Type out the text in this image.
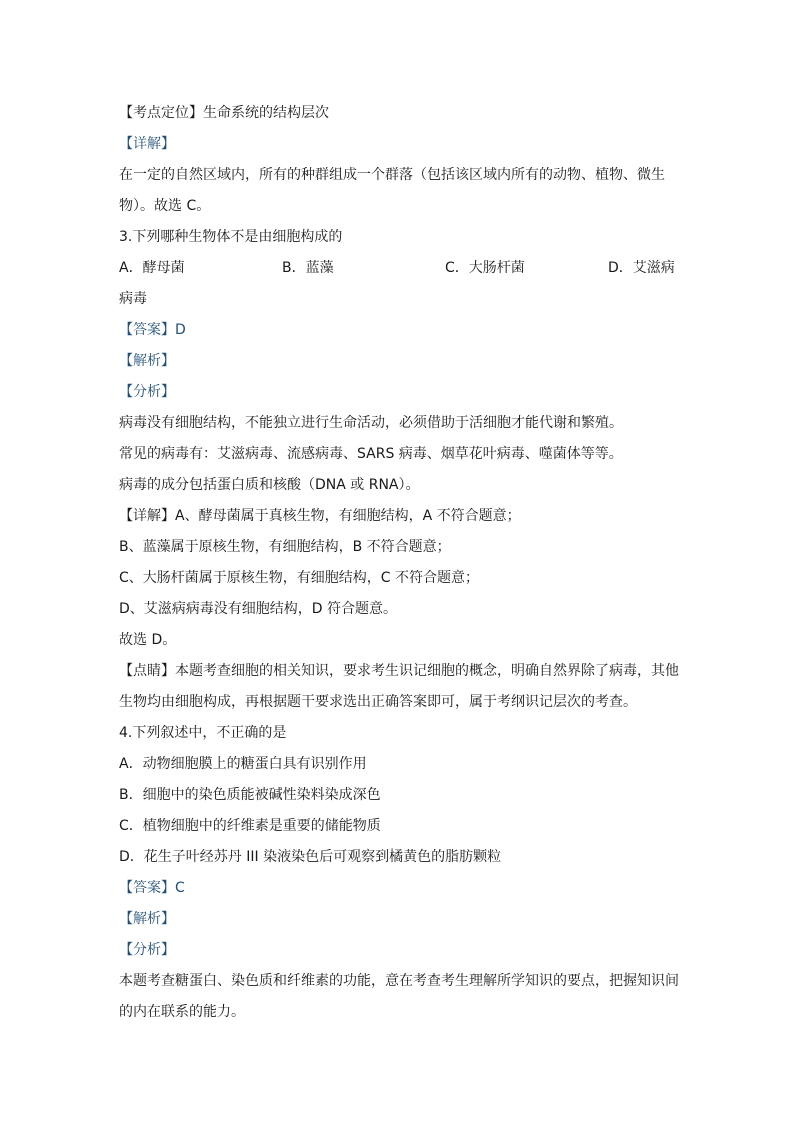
【考点定位】生命系统的结构层次
【详解】
在一定的自然区域内，所有的种群组成一个群落（包括该区域内所有的动物、植物、微生
物）。故选 C。
3.下列哪种生物体不是由细胞构成的
A．酵母菌	B．蓝藻	C．大肠杆菌	D．艾滋病
病毒
【答案】D
【解析】
【分析】
病毒没有细胞结构，不能独立进行生命活动，必须借助于活细胞才能代谢和繁殖。
常见的病毒有：艾滋病毒、流感病毒、SARS 病毒、烟草花叶病毒、噬菌体等等。
病毒的成分包括蛋白质和核酸（DNA 或 RNA）。
【详解】A、酵母菌属于真核生物，有细胞结构，A 不符合题意；
B、蓝藻属于原核生物，有细胞结构，B 不符合题意；
C、大肠杆菌属于原核生物，有细胞结构，C 不符合题意；
D、艾滋病病毒没有细胞结构，D 符合题意。
故选 D。
【点睛】本题考查细胞的相关知识，要求考生识记细胞的概念，明确自然界除了病毒，其他
生物均由细胞构成，再根据题干要求选出正确答案即可，属于考纲识记层次的考查。
4.下列叙述中，不正确的是
A．动物细胞膜上的糖蛋白具有识别作用
B．细胞中的染色质能被碱性染料染成深色
C．植物细胞中的纤维素是重要的储能物质
D．花生子叶经苏丹 III 染液染色后可观察到橘黄色的脂肪颗粒
【答案】C
【解析】
【分析】
本题考查糖蛋白、染色质和纤维素的功能，意在考查考生理解所学知识的要点，把握知识间
的内在联系的能力。
